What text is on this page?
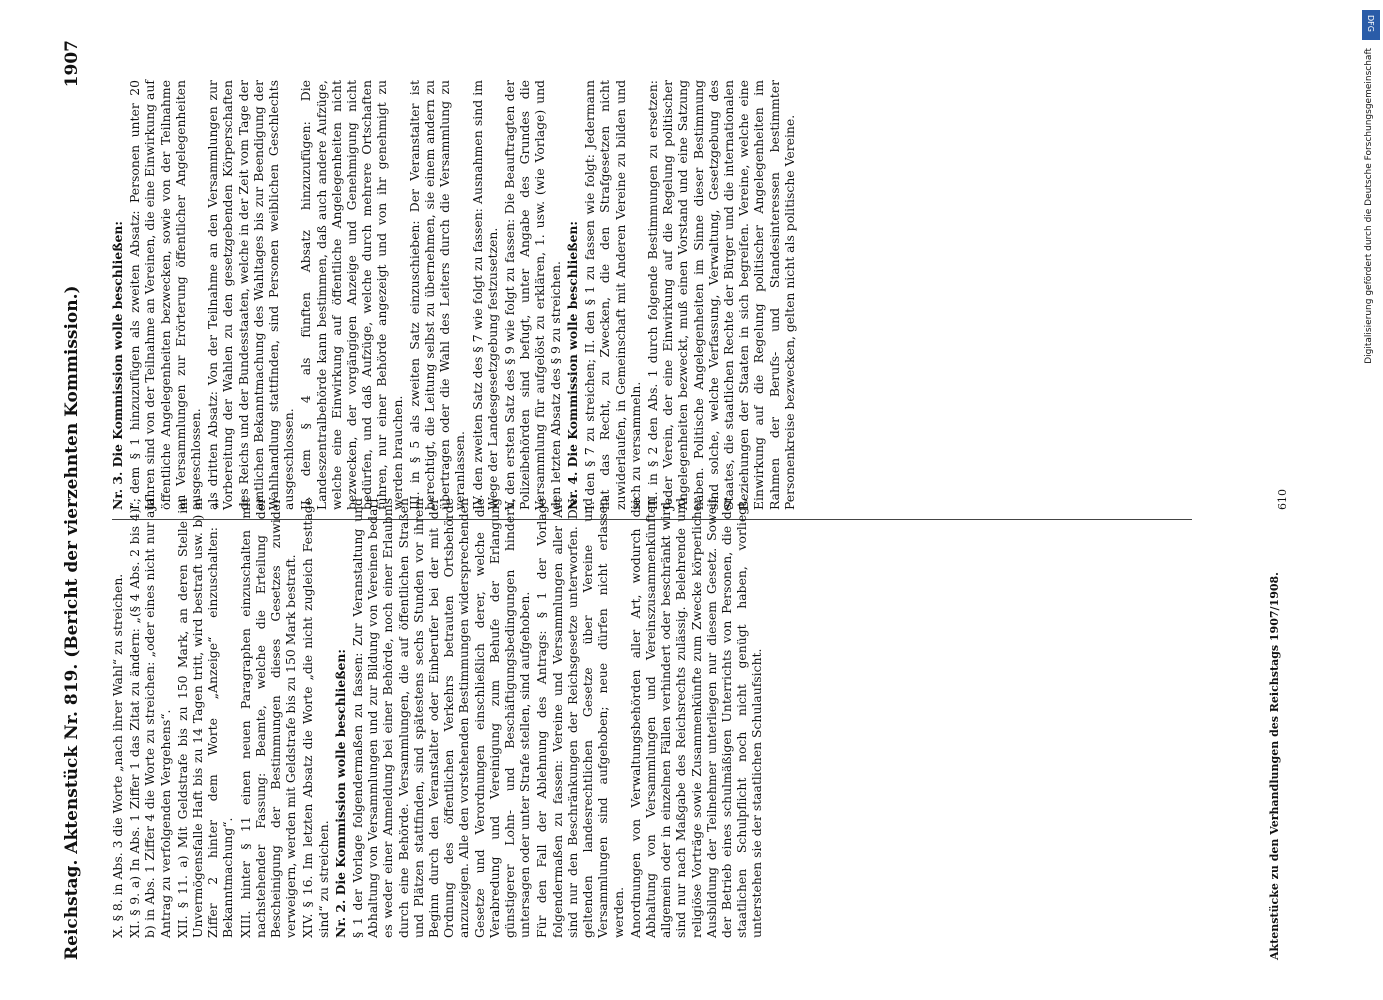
Reichstag. Aktenstück Nr. 819. (Bericht der vierzehnten Kommission.)
1907

X. § 8. in Abs. 3 die Worte „nach ihrer Wahl“ zu streichen. XI. § 9. a) In Abs. 1 Ziffer 1 das Zitat zu ändern: „(§ 4 Abs. 2 bis 4)“; b) in Abs. 1 Ziffer 4 die Worte zu streichen: „oder eines nicht nur auf Antrag zu verfolgenden Vergehens“. XII. § 11. a) Mit Geldstrafe bis zu 150 Mark, an deren Stelle im Unvermögensfalle Haft bis zu 14 Tagen tritt, wird bestraft usw. b) in Ziffer 2 hinter dem Worte „Anzeige“ einzuschalten: „, Bekanntmachung“. XIII. hinter § 11 einen neuen Paragraphen einzuschalten mit nachstehender Fassung: Beamte, welche die Erteilung der Bescheinigung der Bestimmungen dieses Gesetzes zuwider verweigern, werden mit Geldstrafe bis zu 150 Mark bestraft. XIV. § 16. Im letzten Absatz die Worte „die nicht zugleich Festtage sind“ zu streichen. Nr. 2. Die Kommission wolle beschließen: § 1 der Vorlage folgendermaßen zu fassen: Zur Veranstaltung und Abhaltung von Versammlungen und zur Bildung von Vereinen bedarf es weder einer Anmeldung bei einer Behörde, noch einer Erlaubnis durch eine Behörde. Versammlungen, die auf öffentlichen Straßen und Plätzen stattfinden, sind spätestens sechs Stunden vor ihrem Beginn durch den Veranstalter oder Einberufer bei der mit der Ordnung des öffentlichen Verkehrs betrauten Ortsbehörde anzuzeigen. Alle den vorstehenden Bestimmungen widersprechenden Gesetze und Verordnungen einschließlich derer, welche die Verabredung und Vereinigung zum Behufe der Erlangung günstigerer Lohn- und Beschäftigungsbedingungen hindern, untersagen oder unter Strafe stellen, sind aufgehoben. Für den Fall der Ablehnung des Antrags: § 1 der Vorlage folgendermaßen zu fassen: Vereine und Versammlungen aller Art sind nur den Beschränkungen der Reichsgesetze unterworfen. Die geltenden landesrechtlichen Gesetze über Vereine und Versammlungen sind aufgehoben; neue dürfen nicht erlassen werden. Anordnungen von Verwaltungsbehörden aller Art, wodurch die Abhaltung von Versammlungen und Vereinszusammenkünften allgemein oder in einzelnen Fällen verhindert oder beschränkt wird, sind nur nach Maßgabe des Reichsrechts zulässig. Belehrende und religiöse Vorträge sowie Zusammenkünfte zum Zwecke körperlicher Ausbildung der Teilnehmer unterliegen nur diesem Gesetz. Soweit der Betrieb eines schulmäßigen Unterrichts von Personen, die der staatlichen Schulpflicht noch nicht genügt haben, vorliegt, unterstehen sie der staatlichen Schulaufsicht.

Nr. 3. Die Kommission wolle beschließen: I. dem § 1 hinzuzufügen als zweiten Absatz: Personen unter 20 Jahren sind von der Teilnahme an Vereinen, die eine Einwirkung auf öffentliche Angelegenheiten bezwecken, sowie von der Teilnahme an Versammlungen zur Erörterung öffentlicher Angelegenheiten ausgeschlossen. als dritten Absatz: Von der Teilnahme an den Versammlungen zur Vorbereitung der Wahlen zu den gesetzgebenden Körperschaften des Reichs und der Bundesstaaten, welche in der Zeit vom Tage der amtlichen Bekanntmachung des Wahltages bis zur Beendigung der Wahlhandlung stattfinden, sind Personen weiblichen Geschlechts ausgeschlossen. II. dem § 4 als fünften Absatz hinzuzufügen: Die Landeszentralbehörde kann bestimmen, daß auch andere Aufzüge, welche eine Einwirkung auf öffentliche Angelegenheiten nicht bezwecken, der vorgängigen Anzeige und Genehmigung nicht bedürfen, und daß Aufzüge, welche durch mehrere Ortschaften führen, nur einer Behörde angezeigt und von ihr genehmigt zu werden brauchen. III. in § 5 als zweiten Satz einzuschieben: Der Veranstalter ist berechtigt, die Leitung selbst zu übernehmen, sie einem andern zu übertragen oder die Wahl des Leiters durch die Versammlung zu veranlassen. IV. den zweiten Satz des § 7 wie folgt zu fassen: Ausnahmen sind im Wege der Landesgesetzgebung festzusetzen. V. den ersten Satz des § 9 wie folgt zu fassen: Die Beauftragten der Polizeibehörden sind befugt, unter Angabe des Grundes die Versammlung für aufgelöst zu erklären, 1. usw. (wie Vorlage) und den letzten Absatz des § 9 zu streichen. Nr. 4. Die Kommission wolle beschließen: I. den § 7 zu streichen; II. den § 1 zu fassen wie folgt: Jedermann hat das Recht, zu Zwecken, die den Strafgesetzen nicht zuwiderlaufen, in Gemeinschaft mit Anderen Vereine zu bilden und sich zu versammeln. III. in § 2 den Abs. 1 durch folgende Bestimmungen zu ersetzen: Jeder Verein, der eine Einwirkung auf die Regelung politischer Angelegenheiten bezweckt, muß einen Vorstand und eine Satzung haben. Politische Angelegenheiten im Sinne dieser Bestimmung sind solche, welche Verfassung, Verwaltung, Gesetzgebung des Staates, die staatlichen Rechte der Bürger und die internationalen Beziehungen der Staaten in sich begreifen. Vereine, welche eine Einwirkung auf die Regelung politischer Angelegenheiten im Rahmen der Berufs- und Standesinteressen bestimmter Personenkreise bezwecken, gelten nicht als politische Vereine.

Aktenstücke zu den Verhandlungen des Reichstags 1907/1908.
610
DFG
Digitalisierung gefördert durch die Deutsche Forschungsgemeinschaft
